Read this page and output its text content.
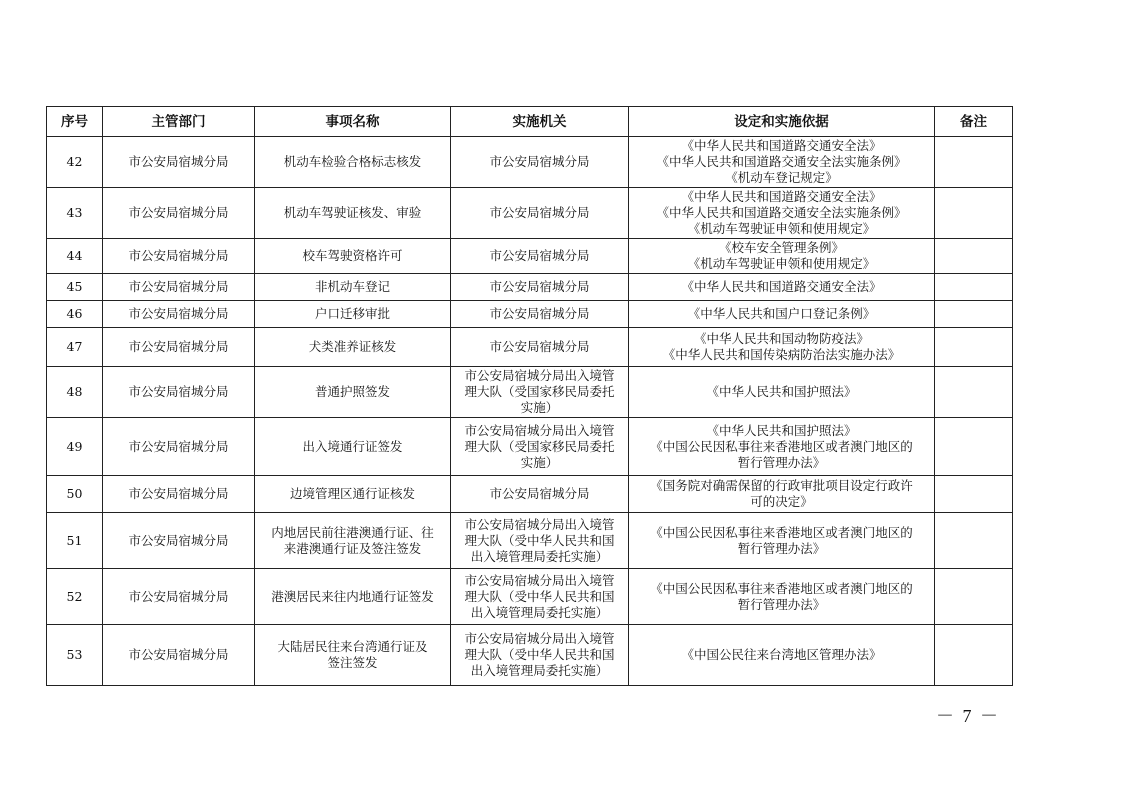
序号	主管部门	事项名称	实施机关	设定和实施依据	备注
42	市公安局宿城分局	机动车检验合格标志核发	市公安局宿城分局	《中华人民共和国道路交通安全法》
《中华人民共和国道路交通安全法实施条例》
《机动车登记规定》	

43	市公安局宿城分局	机动车驾驶证核发、审验	市公安局宿城分局	《中华人民共和国道路交通安全法》
《中华人民共和国道路交通安全法实施条例》
《机动车驾驶证申领和使用规定》	

44	市公安局宿城分局	校车驾驶资格许可	市公安局宿城分局	《校车安全管理条例》
《机动车驾驶证申领和使用规定》	

45	市公安局宿城分局	非机动车登记	市公安局宿城分局	《中华人民共和国道路交通安全法》	

46	市公安局宿城分局	户口迁移审批	市公安局宿城分局	《中华人民共和国户口登记条例》	

47	市公安局宿城分局	犬类准养证核发	市公安局宿城分局	《中华人民共和国动物防疫法》
《中华人民共和国传染病防治法实施办法》	

48	市公安局宿城分局	普通护照签发	市公安局宿城分局出入境管
理大队（受国家移民局委托
实施）	《中华人民共和国护照法》	

49	市公安局宿城分局	出入境通行证签发	市公安局宿城分局出入境管
理大队（受国家移民局委托
实施）	《中华人民共和国护照法》
《中国公民因私事往来香港地区或者澳门地区的
暂行管理办法》	

50	市公安局宿城分局	边境管理区通行证核发	市公安局宿城分局	《国务院对确需保留的行政审批项目设定行政许
可的决定》	

51	市公安局宿城分局	内地居民前往港澳通行证、往
来港澳通行证及签注签发	市公安局宿城分局出入境管
理大队（受中华人民共和国
出入境管理局委托实施）	《中国公民因私事往来香港地区或者澳门地区的
暂行管理办法》	

52	市公安局宿城分局	港澳居民来往内地通行证签发	市公安局宿城分局出入境管
理大队（受中华人民共和国
出入境管理局委托实施）	《中国公民因私事往来香港地区或者澳门地区的
暂行管理办法》	

53	市公安局宿城分局	大陆居民往来台湾通行证及
签注签发	市公安局宿城分局出入境管
理大队（受中华人民共和国
出入境管理局委托实施）	《中国公民往来台湾地区管理办法》	

－ 7 －
